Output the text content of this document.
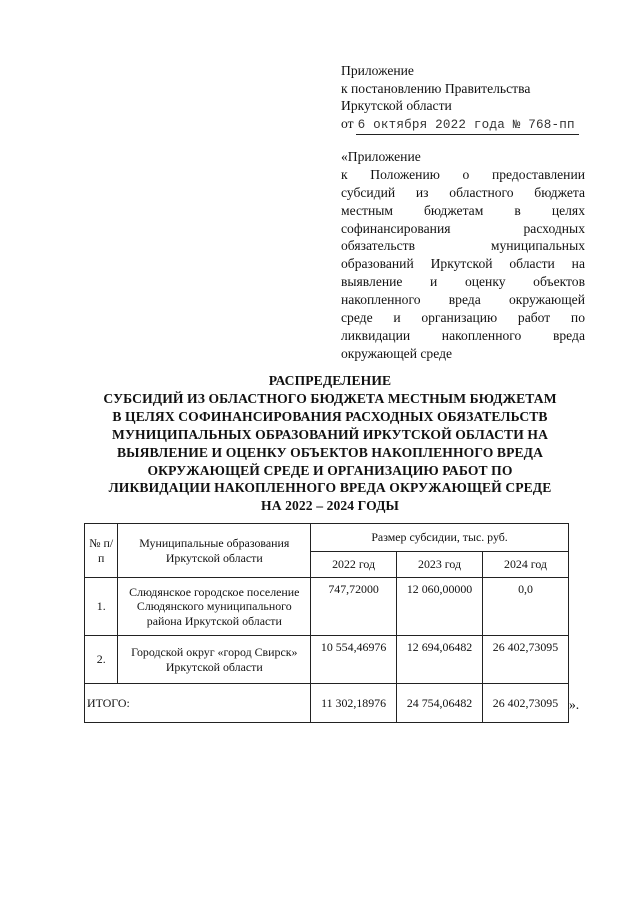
Приложение
к постановлению Правительства
Иркутской области
от 6 октября 2022 года № 768-пп
«Приложение
к Положению о предоставлении
субсидий из областного бюджета
местным бюджетам в целях
софинансирования расходных
обязательств муниципальных
образований Иркутской области на
выявление и оценку объектов
накопленного вреда окружающей
среде и организацию работ по
ликвидации накопленного вреда
окружающей среде
РАСПРЕДЕЛЕНИЕ
СУБСИДИЙ ИЗ ОБЛАСТНОГО БЮДЖЕТА МЕСТНЫМ БЮДЖЕТАМ
В ЦЕЛЯХ СОФИНАНСИРОВАНИЯ РАСХОДНЫХ ОБЯЗАТЕЛЬСТВ
МУНИЦИПАЛЬНЫХ ОБРАЗОВАНИЙ ИРКУТСКОЙ ОБЛАСТИ НА
ВЫЯВЛЕНИЕ И ОЦЕНКУ ОБЪЕКТОВ НАКОПЛЕННОГО ВРЕДА
ОКРУЖАЮЩЕЙ СРЕДЕ И ОРГАНИЗАЦИЮ РАБОТ ПО
ЛИКВИДАЦИИ НАКОПЛЕННОГО ВРЕДА ОКРУЖАЮЩЕЙ СРЕДЕ
НА 2022 – 2024 ГОДЫ
№ п/п	Муниципальные образования Иркутской области	Размер субсидии, тыс. руб.		
		2022 год	2023 год	2024 год
1.	Слюдянское городское поселение Слюдянского муниципального района Иркутской области	747,72000	12 060,00000	0,0
2.	Городской округ «город Свирск» Иркутской области	10 554,46976	12 694,06482	26 402,73095
ИТОГО:		11 302,18976	24 754,06482	26 402,73095 ».
